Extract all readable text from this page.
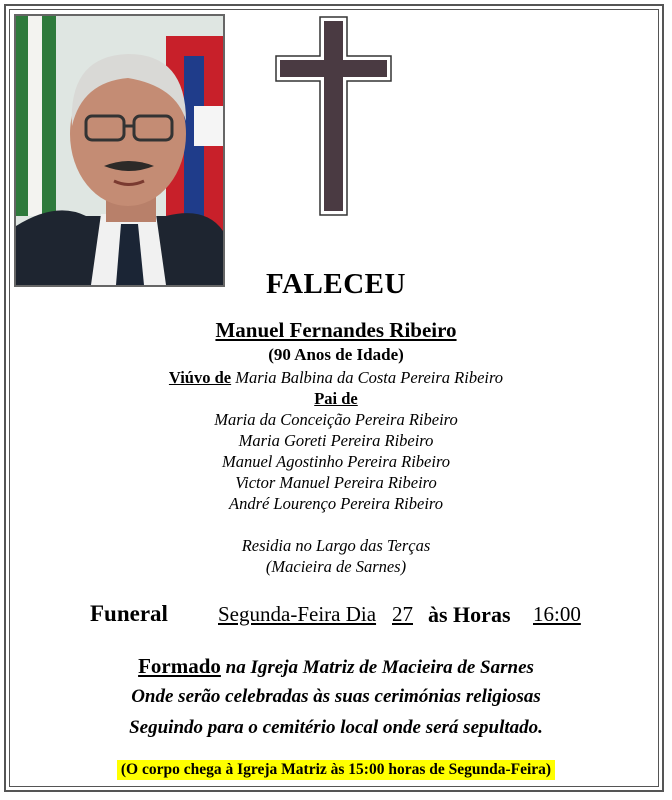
FALECEU
Manuel Fernandes Ribeiro
(90 Anos de Idade)
Viúvo de Maria Balbina da Costa Pereira Ribeiro
Pai de
Maria da Conceição Pereira Ribeiro
Maria Goreti Pereira Ribeiro
Manuel Agostinho Pereira Ribeiro
Victor Manuel Pereira Ribeiro
André Lourenço Pereira Ribeiro
Residia no Largo das Terças
(Macieira de Sarnes)
Funeral Segunda-Feira Dia 27 às Horas 16:00
Formado na Igreja Matriz de Macieira de Sarnes
Onde serão celebradas às suas cerimónias religiosas
Seguindo para o cemitério local onde será sepultado.
(O corpo chega à Igreja Matriz às 15:00 horas de Segunda-Feira)
